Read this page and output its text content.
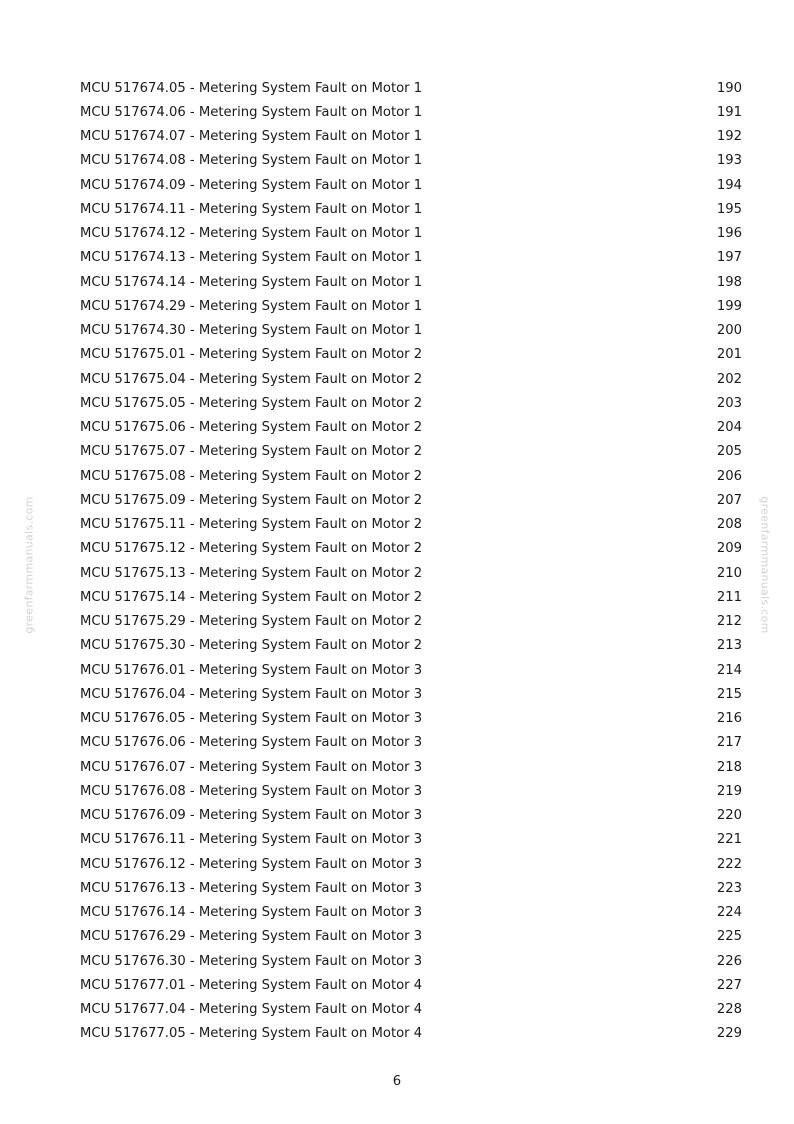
greenfarmmanuals.com	greenfarmmanuals.com
MCU 517674.05 - Metering System Fault on Motor 1	190
MCU 517674.06 - Metering System Fault on Motor 1	191
MCU 517674.07 - Metering System Fault on Motor 1	192
MCU 517674.08 - Metering System Fault on Motor 1	193
MCU 517674.09 - Metering System Fault on Motor 1	194
MCU 517674.11 - Metering System Fault on Motor 1	195
MCU 517674.12 - Metering System Fault on Motor 1	196
MCU 517674.13 - Metering System Fault on Motor 1	197
MCU 517674.14 - Metering System Fault on Motor 1	198
MCU 517674.29 - Metering System Fault on Motor 1	199
MCU 517674.30 - Metering System Fault on Motor 1	200
MCU 517675.01 - Metering System Fault on Motor 2	201
MCU 517675.04 - Metering System Fault on Motor 2	202
MCU 517675.05 - Metering System Fault on Motor 2	203
MCU 517675.06 - Metering System Fault on Motor 2	204
MCU 517675.07 - Metering System Fault on Motor 2	205
MCU 517675.08 - Metering System Fault on Motor 2	206
MCU 517675.09 - Metering System Fault on Motor 2	207
MCU 517675.11 - Metering System Fault on Motor 2	208
MCU 517675.12 - Metering System Fault on Motor 2	209
MCU 517675.13 - Metering System Fault on Motor 2	210
MCU 517675.14 - Metering System Fault on Motor 2	211
MCU 517675.29 - Metering System Fault on Motor 2	212
MCU 517675.30 - Metering System Fault on Motor 2	213
MCU 517676.01 - Metering System Fault on Motor 3	214
MCU 517676.04 - Metering System Fault on Motor 3	215
MCU 517676.05 - Metering System Fault on Motor 3	216
MCU 517676.06 - Metering System Fault on Motor 3	217
MCU 517676.07 - Metering System Fault on Motor 3	218
MCU 517676.08 - Metering System Fault on Motor 3	219
MCU 517676.09 - Metering System Fault on Motor 3	220
MCU 517676.11 - Metering System Fault on Motor 3	221
MCU 517676.12 - Metering System Fault on Motor 3	222
MCU 517676.13 - Metering System Fault on Motor 3	223
MCU 517676.14 - Metering System Fault on Motor 3	224
MCU 517676.29 - Metering System Fault on Motor 3	225
MCU 517676.30 - Metering System Fault on Motor 3	226
MCU 517677.01 - Metering System Fault on Motor 4	227
MCU 517677.04 - Metering System Fault on Motor 4	228
MCU 517677.05 - Metering System Fault on Motor 4	229
6
